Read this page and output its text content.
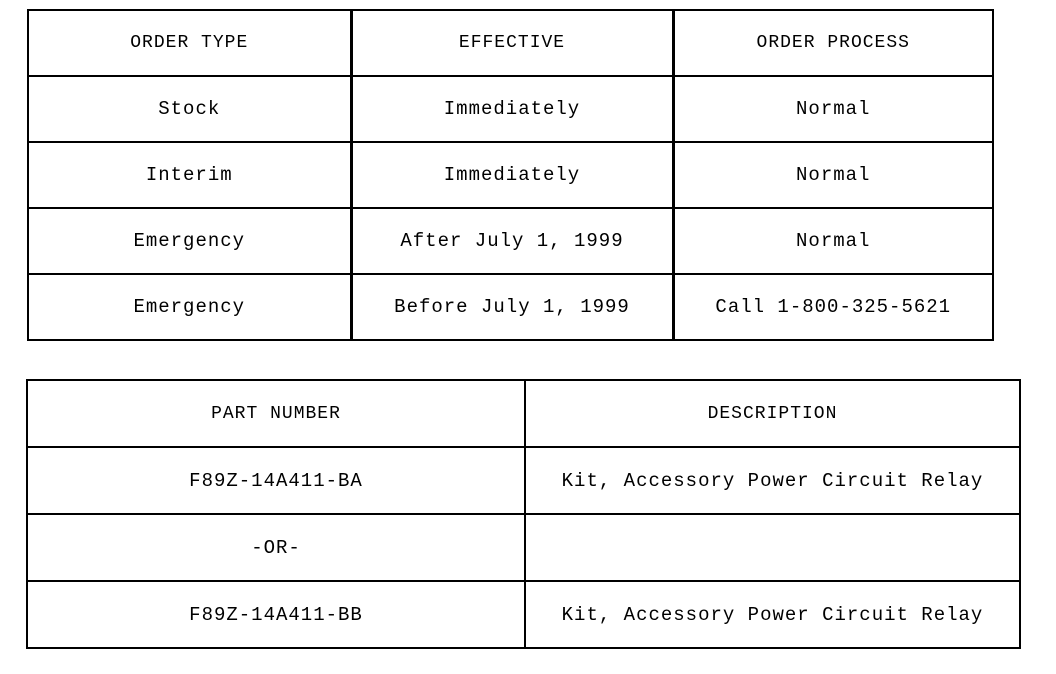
ORDER TYPE	EFFECTIVE	ORDER PROCESS
Stock	Immediately	Normal
Interim	Immediately	Normal
Emergency	After July 1, 1999	Normal
Emergency	Before July 1, 1999	Call 1-800-325-5621
PART NUMBER	DESCRIPTION
F89Z-14A411-BA	Kit, Accessory Power Circuit Relay
-OR-	
F89Z-14A411-BB	Kit, Accessory Power Circuit Relay
